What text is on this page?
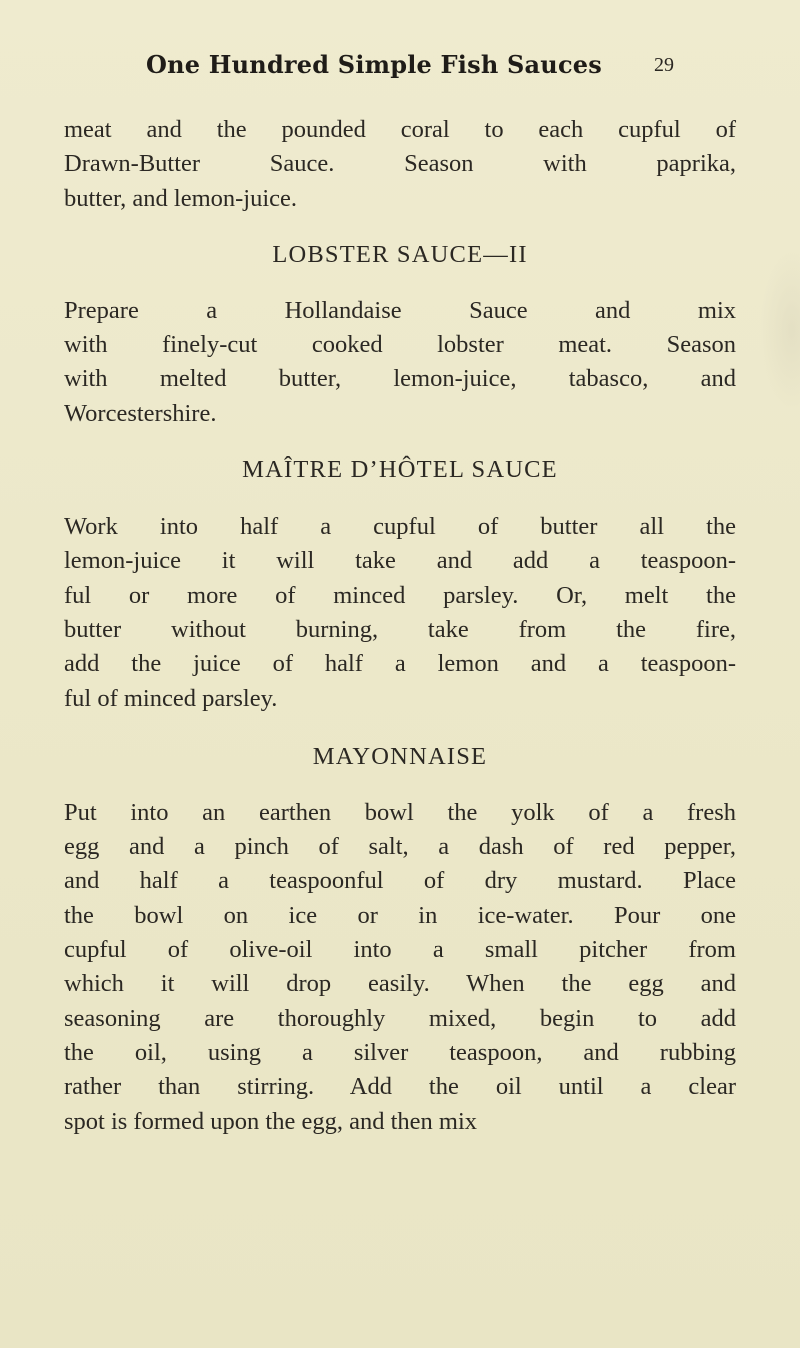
One Hundred Simple Fish Sauces	29
meat and the pounded coral to each cupful of
Drawn-Butter Sauce. Season with paprika,
butter, and lemon-juice.
LOBSTER SAUCE—II
Prepare a Hollandaise Sauce and mix
with finely-cut cooked lobster meat. Season
with melted butter, lemon-juice, tabasco, and
Worcestershire.
MAÎTRE D’HÔTEL SAUCE
Work into half a cupful of butter all the
lemon-juice it will take and add a teaspoon-
ful or more of minced parsley. Or, melt the
butter without burning, take from the fire,
add the juice of half a lemon and a teaspoon-
ful of minced parsley.
MAYONNAISE
Put into an earthen bowl the yolk of a fresh
egg and a pinch of salt, a dash of red pepper,
and half a teaspoonful of dry mustard. Place
the bowl on ice or in ice-water. Pour one
cupful of olive-oil into a small pitcher from
which it will drop easily. When the egg and
seasoning are thoroughly mixed, begin to add
the oil, using a silver teaspoon, and rubbing
rather than stirring. Add the oil until a clear
spot is formed upon the egg, and then mix
